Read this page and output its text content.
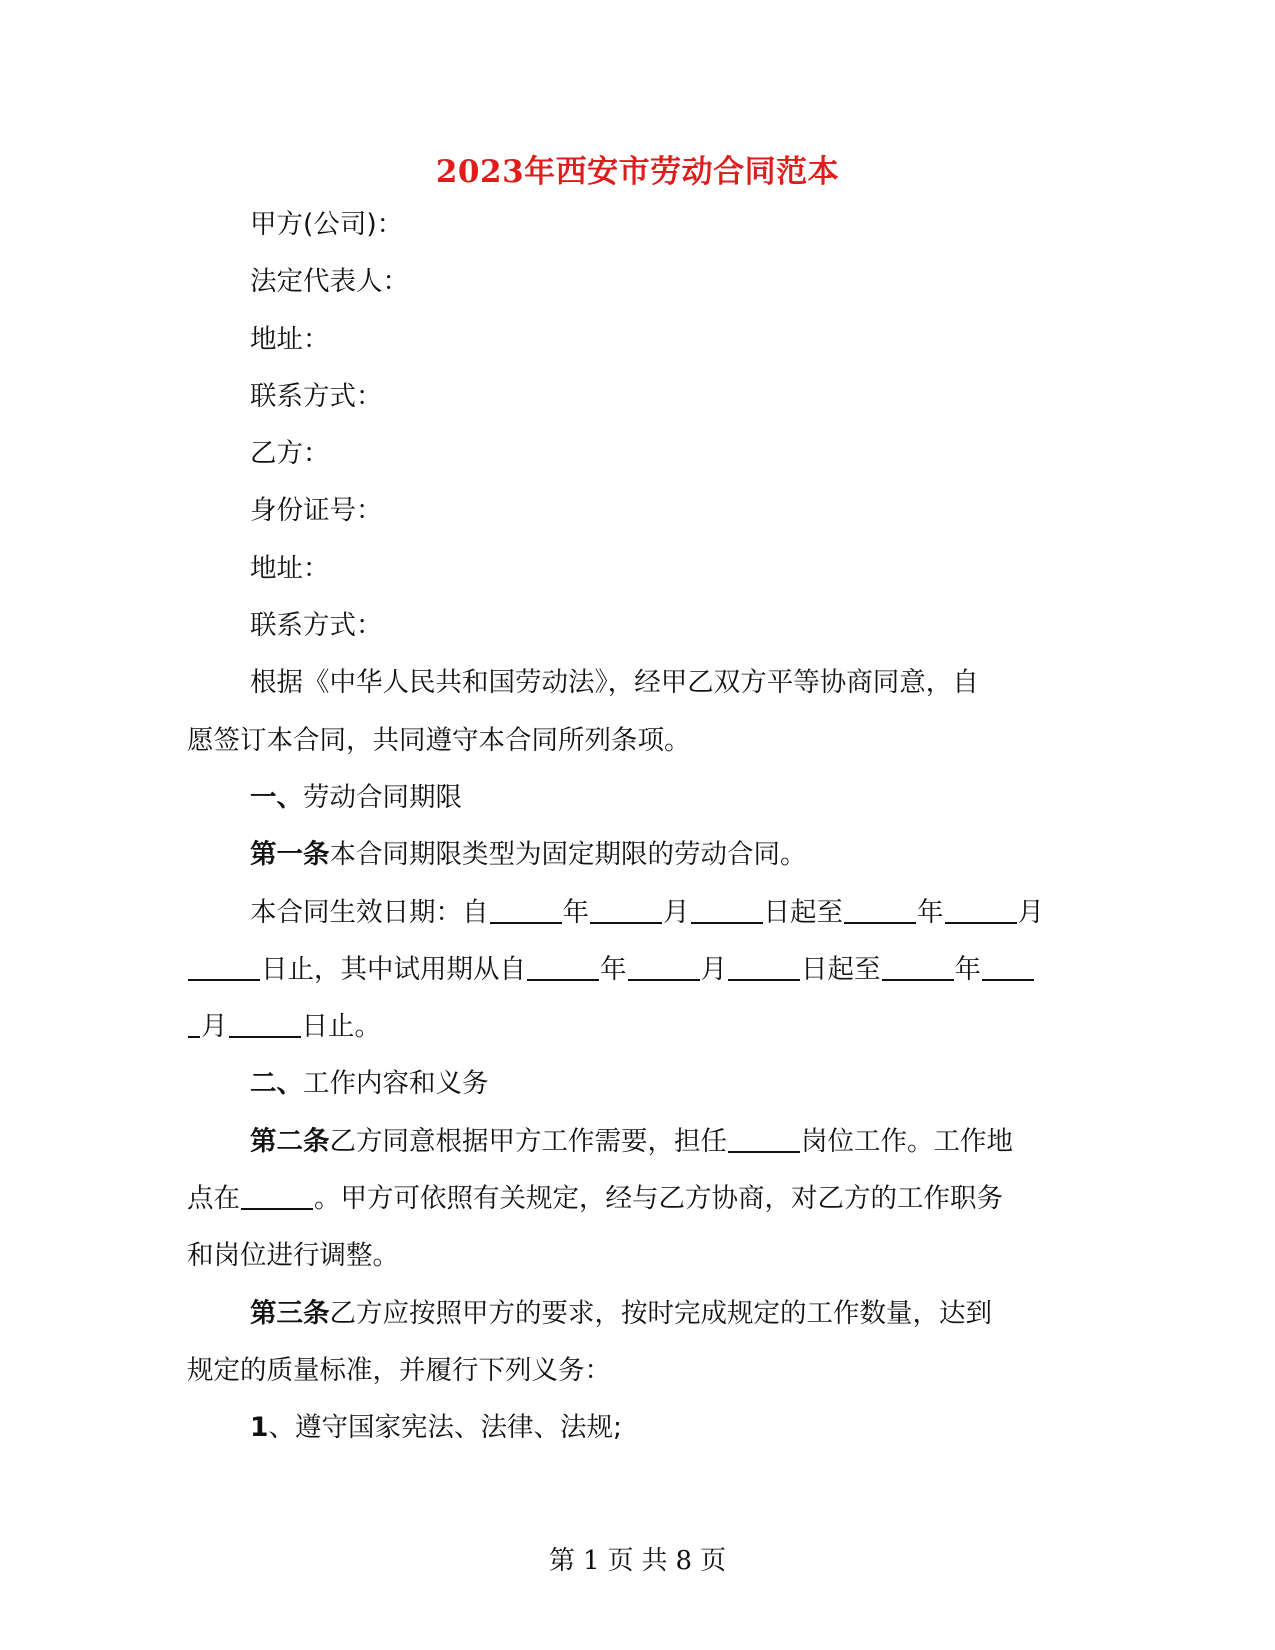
2023年西安市劳动合同范本
甲方(公司)：
法定代表人：
地址：
联系方式：
乙方：
身份证号：
地址：
联系方式：
根据《中华人民共和国劳动法》，经甲乙双方平等协商同意，自
愿签订本合同，共同遵守本合同所列条项。
一、劳动合同期限
第一条本合同期限类型为固定期限的劳动合同。
本合同生效日期：自	年	月	日起至	年	月
日止，其中试用期从自	年	月	日起至	年
月	日止。
二、工作内容和义务
第二条乙方同意根据甲方工作需要，担任	岗位工作。工作地
点在	。甲方可依照有关规定，经与乙方协商，对乙方的工作职务
和岗位进行调整。
第三条乙方应按照甲方的要求，按时完成规定的工作数量，达到
规定的质量标准，并履行下列义务：
1、遵守国家宪法、法律、法规;
第 1 页 共 8 页
